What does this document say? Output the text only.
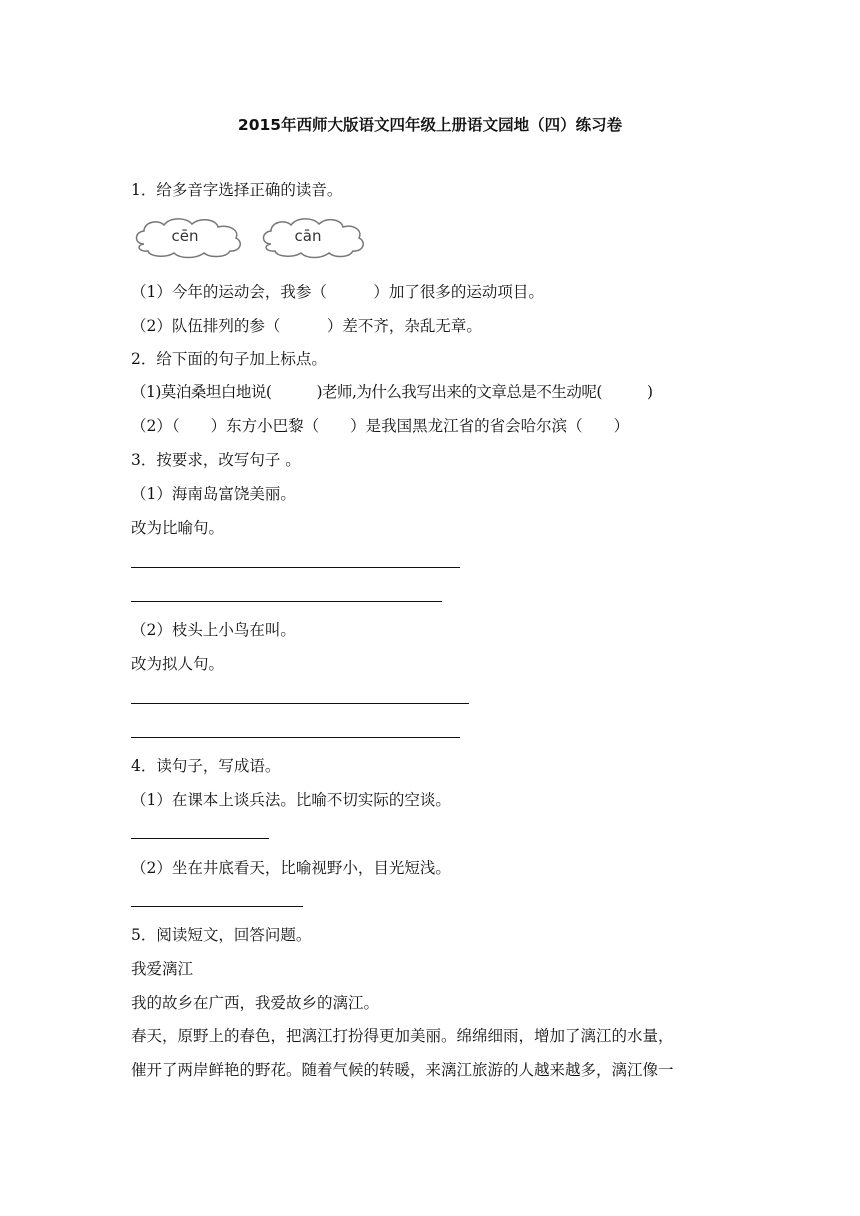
2015年西师大版语文四年级上册语文园地（四）练习卷
1．给多音字选择正确的读音。
cēn	cān
（1）今年的运动会，我参（　　　）加了很多的运动项目。
（2）队伍排列的参（　　　）差不齐，杂乱无章。
2．给下面的句子加上标点。
（1)莫泊桑坦白地说(　　　)老师,为什么我写出来的文章总是不生动呢(　　　)
（2）（　　）东方小巴黎（　　）是我国黑龙江省的省会哈尔滨（　　）
3．按要求，改写句子 。
（1）海南岛富饶美丽。
改为比喻句。
（2）枝头上小鸟在叫。
改为拟人句。
4．读句子，写成语。
（1）在课本上谈兵法。比喻不切实际的空谈。
（2）坐在井底看天，比喻视野小，目光短浅。
5．阅读短文，回答问题。
我爱漓江
我的故乡在广西，我爱故乡的漓江。
春天，原野上的春色，把漓江打扮得更加美丽。绵绵细雨，增加了漓江的水量，
催开了两岸鲜艳的野花。随着气候的转暖，来漓江旅游的人越来越多，漓江像一
